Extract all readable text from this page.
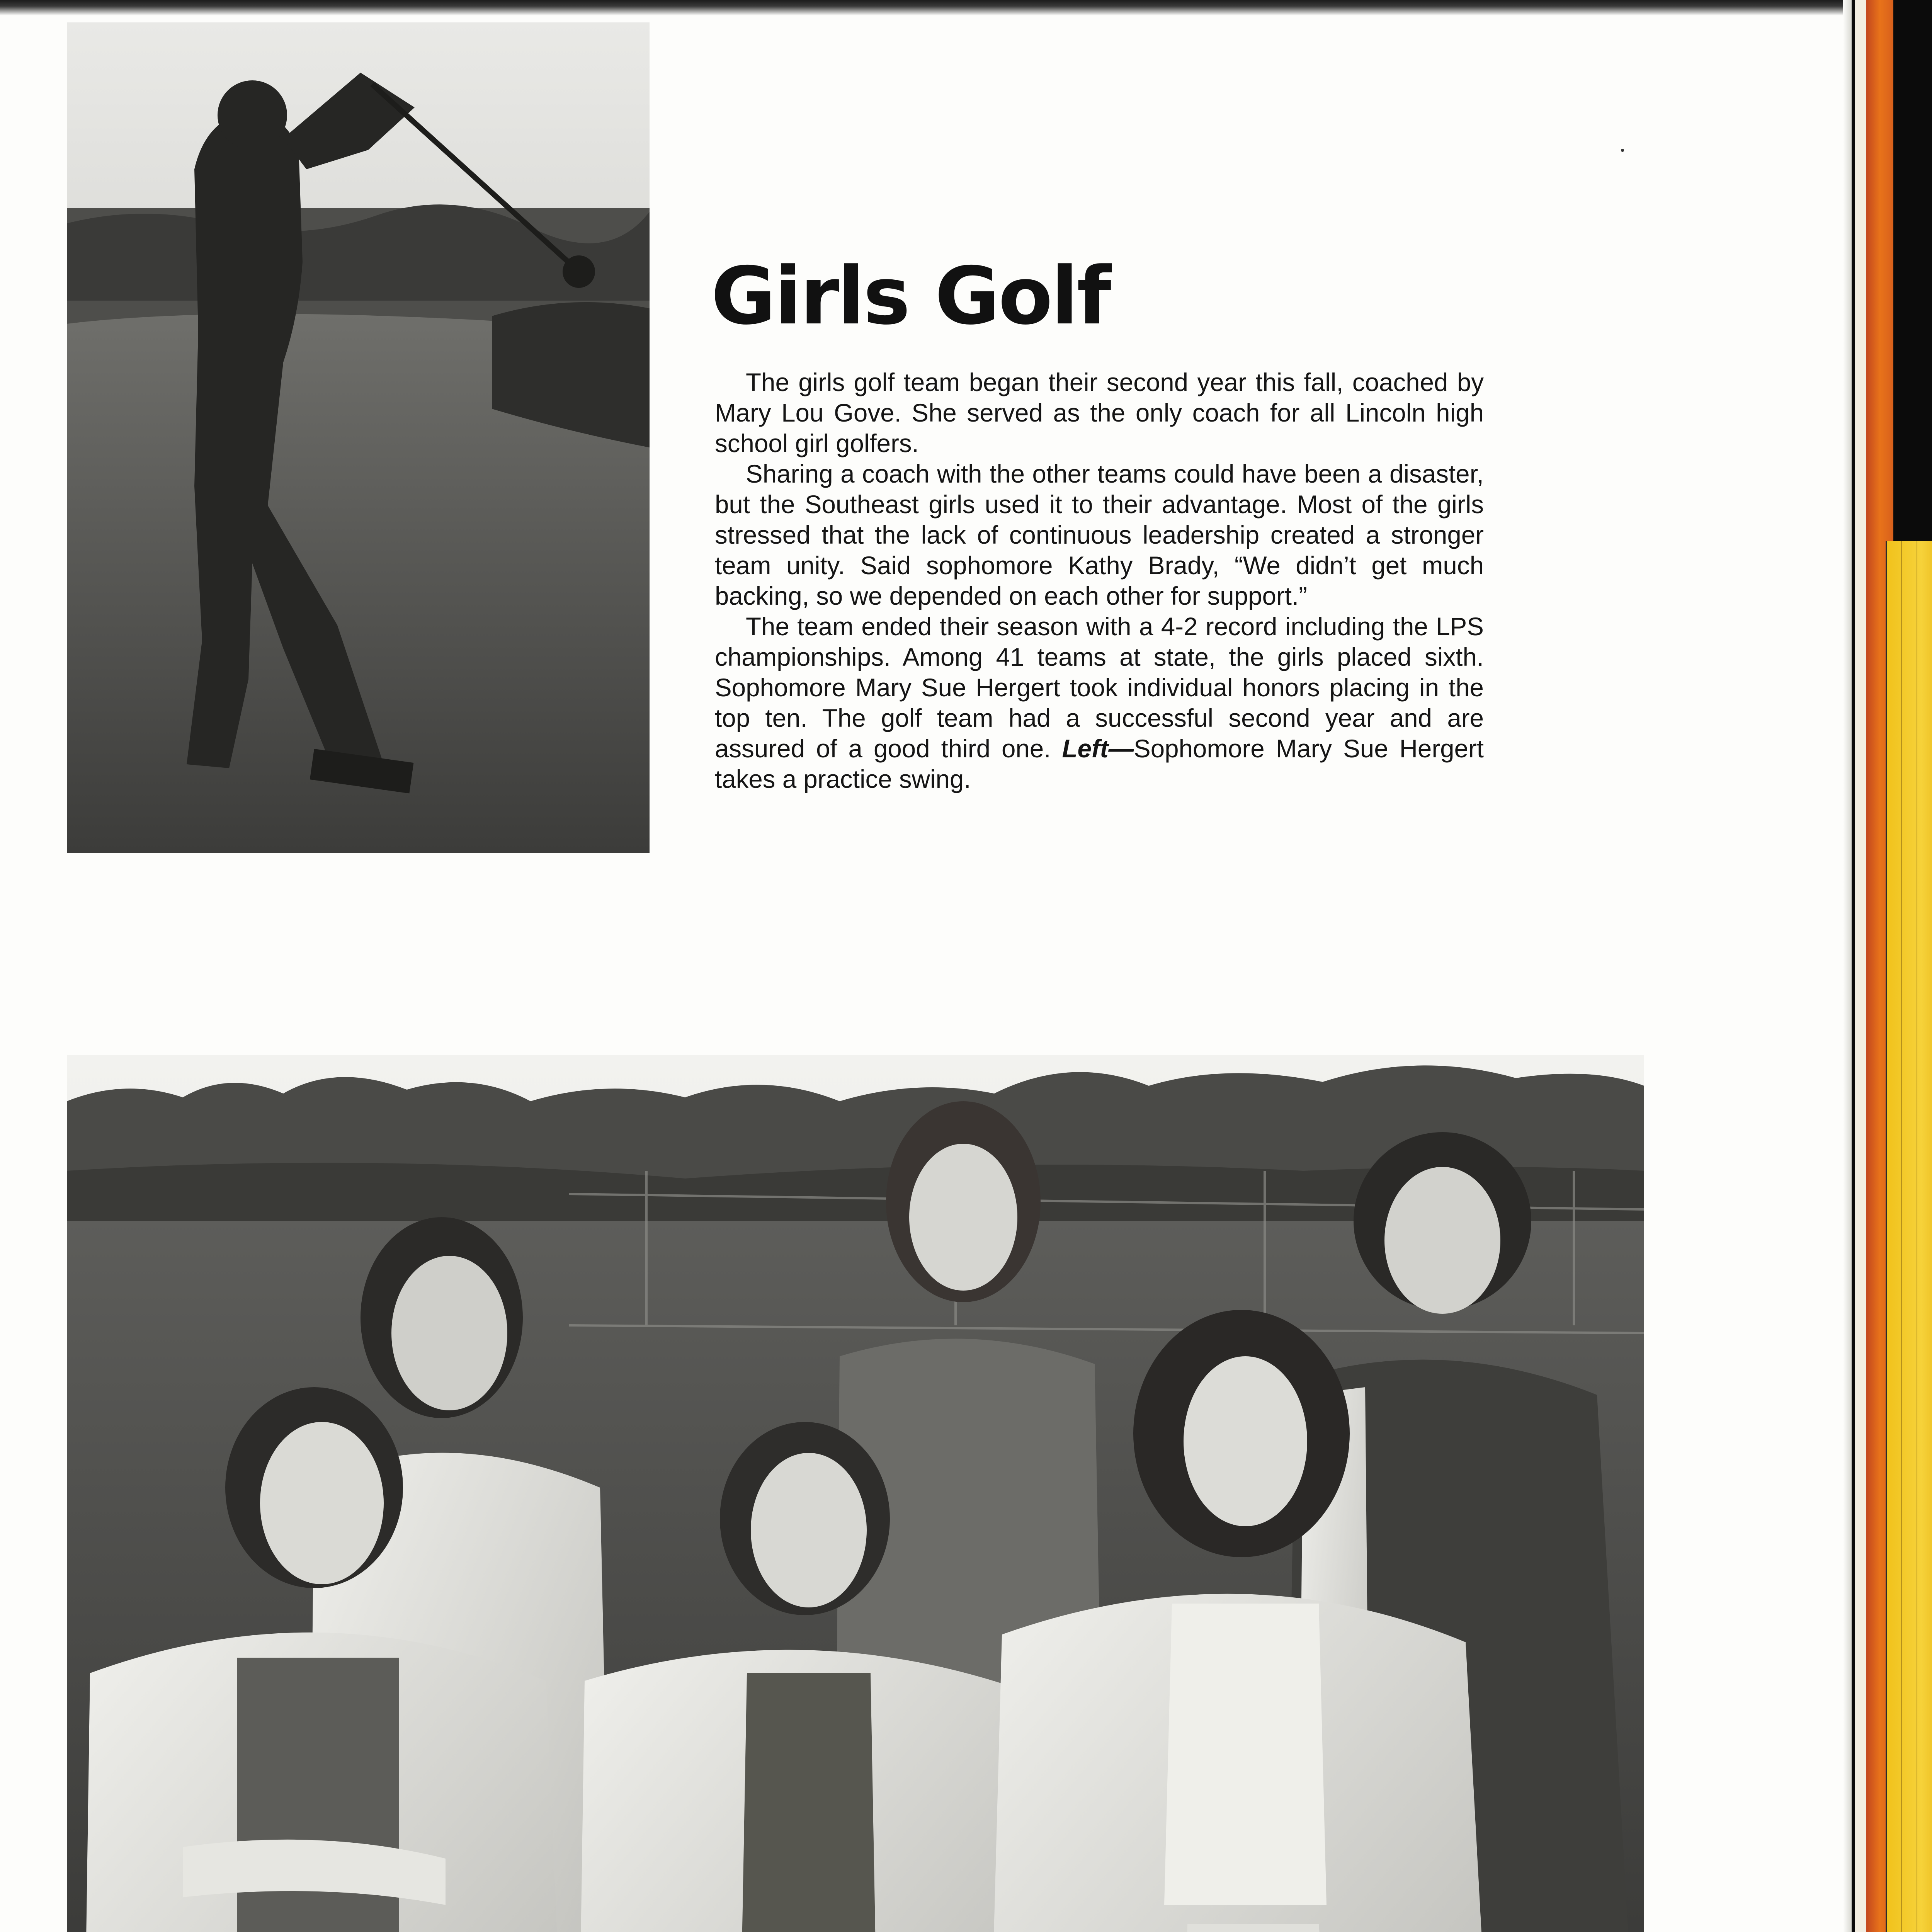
Girls Golf

The girls golf team began their second year this fall, coached by Mary Lou Gove. She served as the only coach for all Lincoln high school girl golfers.

Sharing a coach with the other teams could have been a disaster, but the Southeast girls used it to their advantage. Most of the girls stressed that the lack of continuous leadership created a stronger team unity. Said sophomore Kathy Brady, “We didn’t get much backing, so we depended on each other for support.”

The team ended their season with a 4-2 record including the LPS championships. Among 41 teams at state, the girls placed sixth. Sophomore Mary Sue Hergert took individual honors placing in the top ten. The golf team had a successful second year and are assured of a good third one. Left—Sophomore Mary Sue Hergert takes a practice swing.
